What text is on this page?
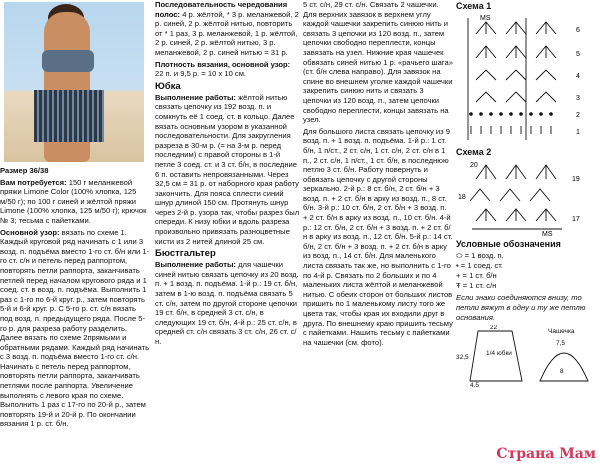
Размер 36/38

Вам потребуется: 150 г меланжевой пряжи Limone Color (100% хлопка, 125 м/50 г); по 100 г синей и жёлтой пряжи Limone (100% хлопка, 125 м/50 г); крючок № 3; тесьма с пайетками.

Основной узор: вязать по схеме 1. Каждый круговой ряд начинать с 1 или 3 возд. п. подъёма вместо 1-го ст. б/н или 1-го ст. с/н и петель перед раппортом, повторять петли раппорта, заканчивать петлей перед началом кругового ряда и 1 соед. ст. в возд. п. подъёма. Выполнить 1 раз с 1-го по 6-й круг. р., затем повторять 5-й и 6-й круг. р. С 5-го р. ст. с/н вязать под возд. п. предыдущего ряда. После 5-го р. для разреза работу разделить. Далее вязать по схеме 2прямыми и обратными рядами. Каждый ряд начинать с 3 возд. п. подъёма вместо 1-го ст. с/н. Начинать с петель перед раппортом, повторять петли раппорта, заканчивать петлями после раппорта. Увеличение выполнять с левого края по схеме. Выполнить 1 раз с 17-го по 20-й р., затем повторять 19-й и 20-й р. По окончании вязания 1 р. ст. б/н.

Последовательность чередования полос: 4 р. жёлтой, * 3 р. меланжевой, 2 р. синей, 2 р. жёлтой нитью, повторить от * 1 раз, 3 р. меланжевой, 1 р. жёлтой, 2 р. синей, 2 р. жёлтой нитью, 3 р. меланжевой, 2 р. синей нитью = 31 р.

Плотность вязания, основной узор: 22 п. и 9,5 р. = 10 х 10 см.

Юбка

Выполнение работы: жёлтой нитью связать цепочку из 192 возд. п. и сомкнуть её 1 соед. ст. в кольцо. Далее вязать основным узором в указанной последовательности. Для закругления разреза в 30-м р. (= на 3-м р. перед последним) с правой стороны в 1-й петле 3 соед. ст. и 3 ст. б/н, в последние 6 п. оставить непровязанными. Через 32,5 см = 31 р. от наборного края работу закончить. Для пояса сплести синий шнур длиной 150 см. Протянуть шнур через 2-й р. узора так, чтобы разрез был спереди. К низу юбки и вдоль разреза произвольно привязать разноцветные кисти из 2 нитей длиной 25 см.

Бюстгальтер

Выполнение работы: для чашечки синей нитью связать цепочку из 20 возд. п. + 1 возд. п. подъёма. 1-й р.: 19 ст. б/н, затем в 1-ю возд. п. подъёма связать 5 ст. с/н, затем по другой стороне цепочки 19 ст. б/н, в средней 3 ст. с/н, в следующих 19 ст. б/н, 4-й р.: 25 ст. с/н, в средней ст. с/н связать 3 ст. с/н, 26 ст. с/н.

5 ст. с/н, 29 ст. с/н. Связать 2 чашечки. Для верхних завязок в верхнем углу каждой чашечки закрепить синюю нить и связать 3 цепочки из 120 возд. п., затем цепочки свободно переплести, концы завязать на узел. Нижние края чашечек обвязать синей нитью 1 р. «рачьего шага» (ст. б/н слева направо). Для завязок на спине во внешнем уголке каждой чашечки закрепить синюю нить и связать 3 цепочки из 120 возд. п., затем цепочки свободно переплести, концы завязать на узел.

Для большого листа связать цепочку из 9 возд. п. + 1 возд. п. подъёма. 1-й р.: 1 ст. б/н, 1 п/ст., 2 ст. с/н, 1 ст. с/н, 2 ст. с/н в 1 п., 2 ст. с/н, 1 п/ст., 1 ст. б/н, в последнюю петлю 3 ст. б/н. Работу повернуть и обвязать цепочку с другой стороны зеркально. 2-й р.: 8 ст. б/н, 2 ст. б/н + 3 возд. п. + 2 ст. б/н в арку из возд. п., 8 ст. б/н. 3-й р.: 10 ст. б/н, 2 ст. б/н + 3 возд. п. + 2 ст. б/н в арку из возд. п., 10 ст. б/н. 4-й р.: 12 ст. б/н, 2 ст. б/н + 3 возд. п. + 2 ст. б/н в арку из возд. п., 12 ст. б/н. 5-й р.: 14 ст. б/н, 2 ст. б/н + 3 возд. п. + 2 ст. б/н в арку из возд. п., 14 ст. б/н. Для маленького листа связать так же, но выполнить с 1-го по 4-й р. Связать по 2 больших и по 4 маленьких листа жёлтой и меланжевой нитью. С обеих сторон от больших листов пришить по 1 маленькому листу того же цвета так, чтобы края их входили друг в друга. По внешнему краю пришить тесьму с пайетками. Нашить тесьму с пайетками на чашечки (см. фото).

Схема 1
MS
6
5
4
3
2
1
Схема 2
MS
20
19
18
17
Условные обозначения
⬭ = 1 возд. п.
• = 1 соед. ст.
+ = 1 ст. б/н
Ŧ = 1 ст. с/н

Если знаки соединяются внизу, то петли вяжут в одну и ту же петлю основания.

22
32,5
1/4 юбки
4,5
Чашечка
7,5
8
Страна Мам
